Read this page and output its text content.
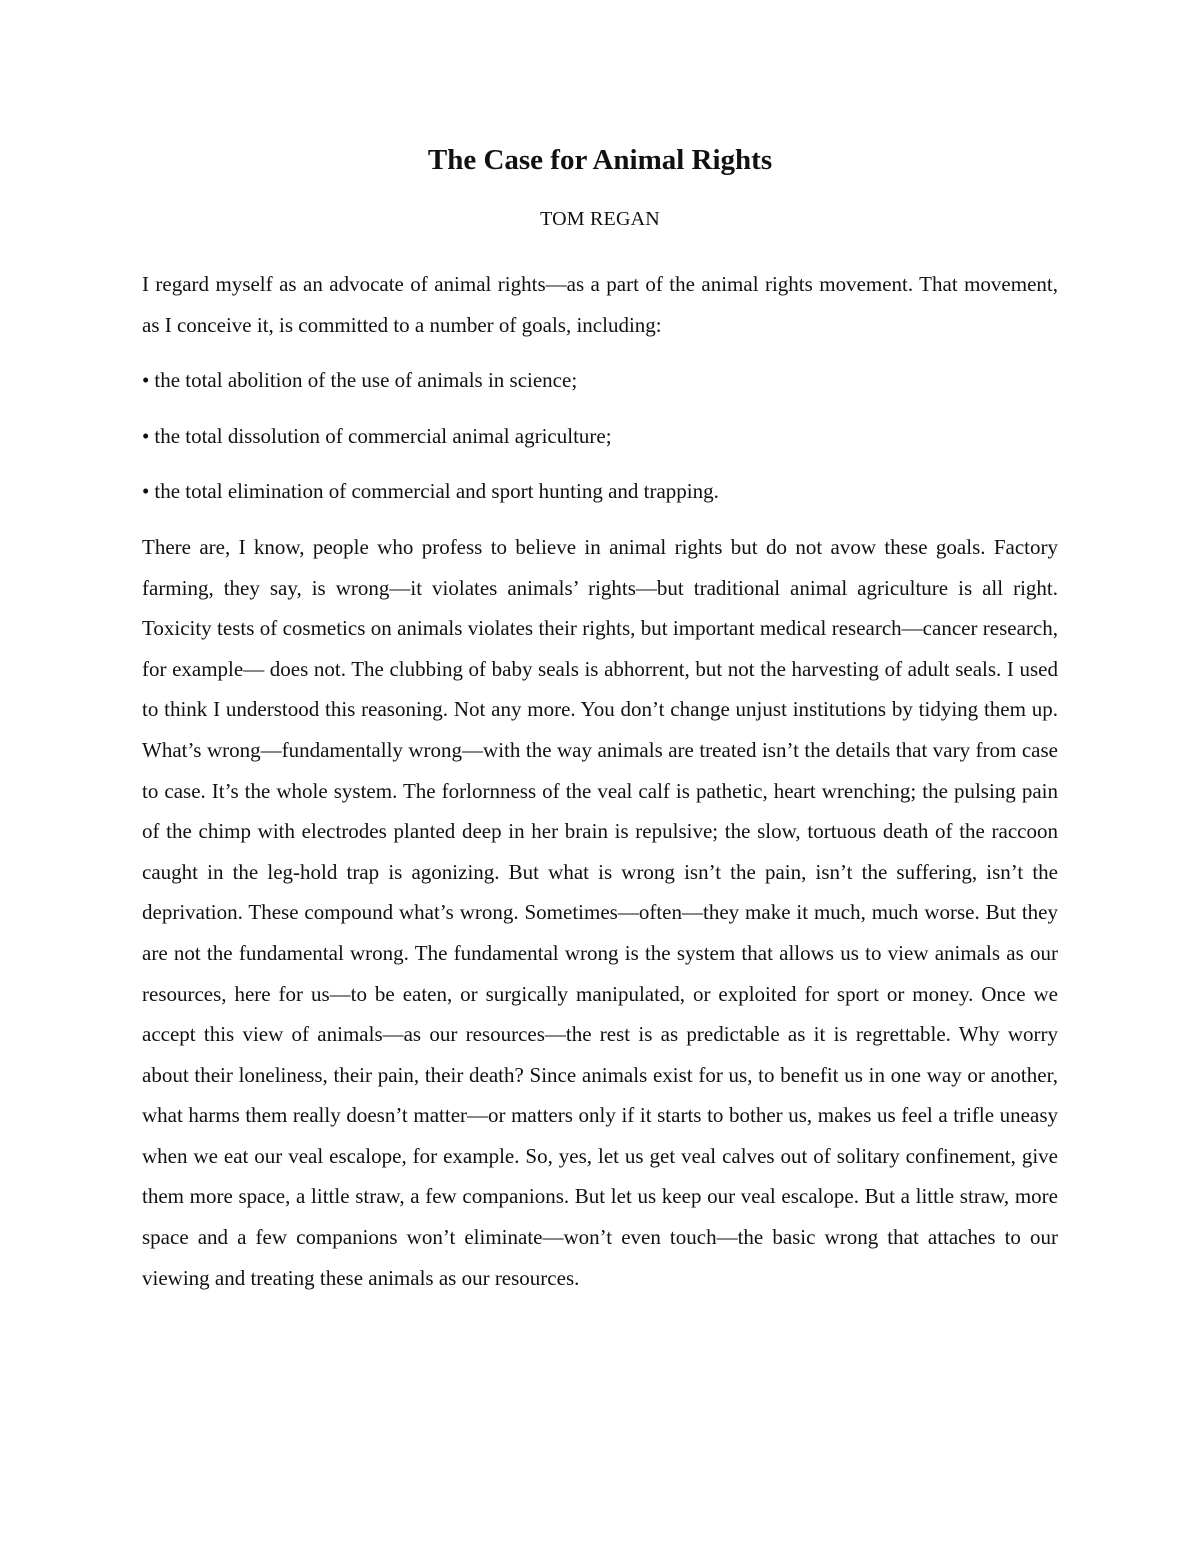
The Case for Animal Rights
TOM REGAN

I regard myself as an advocate of animal rights—as a part of the animal rights movement. That movement, as I conceive it, is committed to a number of goals, including:

• the total abolition of the use of animals in science;
• the total dissolution of commercial animal agriculture;
• the total elimination of commercial and sport hunting and trapping.

There are, I know, people who profess to believe in animal rights but do not avow these goals. Factory farming, they say, is wrong—it violates animals’ rights—but traditional animal agriculture is all right. Toxicity tests of cosmetics on animals violates their rights, but important medical research—cancer research, for example— does not. The clubbing of baby seals is abhorrent, but not the harvesting of adult seals. I used to think I understood this reasoning. Not any more. You don’t change unjust institutions by tidying them up. What’s wrong—fundamentally wrong—with the way animals are treated isn’t the details that vary from case to case. It’s the whole system. The forlornness of the veal calf is pathetic, heart wrenching; the pulsing pain of the chimp with electrodes planted deep in her brain is repulsive; the slow, tortuous death of the raccoon caught in the leg-hold trap is agonizing. But what is wrong isn’t the pain, isn’t the suffering, isn’t the deprivation. These compound what’s wrong. Sometimes—often—they make it much, much worse. But they are not the fundamental wrong. The fundamental wrong is the system that allows us to view animals as our resources, here for us—to be eaten, or surgically manipulated, or exploited for sport or money. Once we accept this view of animals—as our resources—the rest is as predictable as it is regrettable. Why worry about their loneliness, their pain, their death? Since animals exist for us, to benefit us in one way or another, what harms them really doesn’t matter—or matters only if it starts to bother us, makes us feel a trifle uneasy when we eat our veal escalope, for example. So, yes, let us get veal calves out of solitary confinement, give them more space, a little straw, a few companions. But let us keep our veal escalope. But a little straw, more space and a few companions won’t eliminate—won’t even touch—the basic wrong that attaches to our viewing and treating these animals as our resources.
